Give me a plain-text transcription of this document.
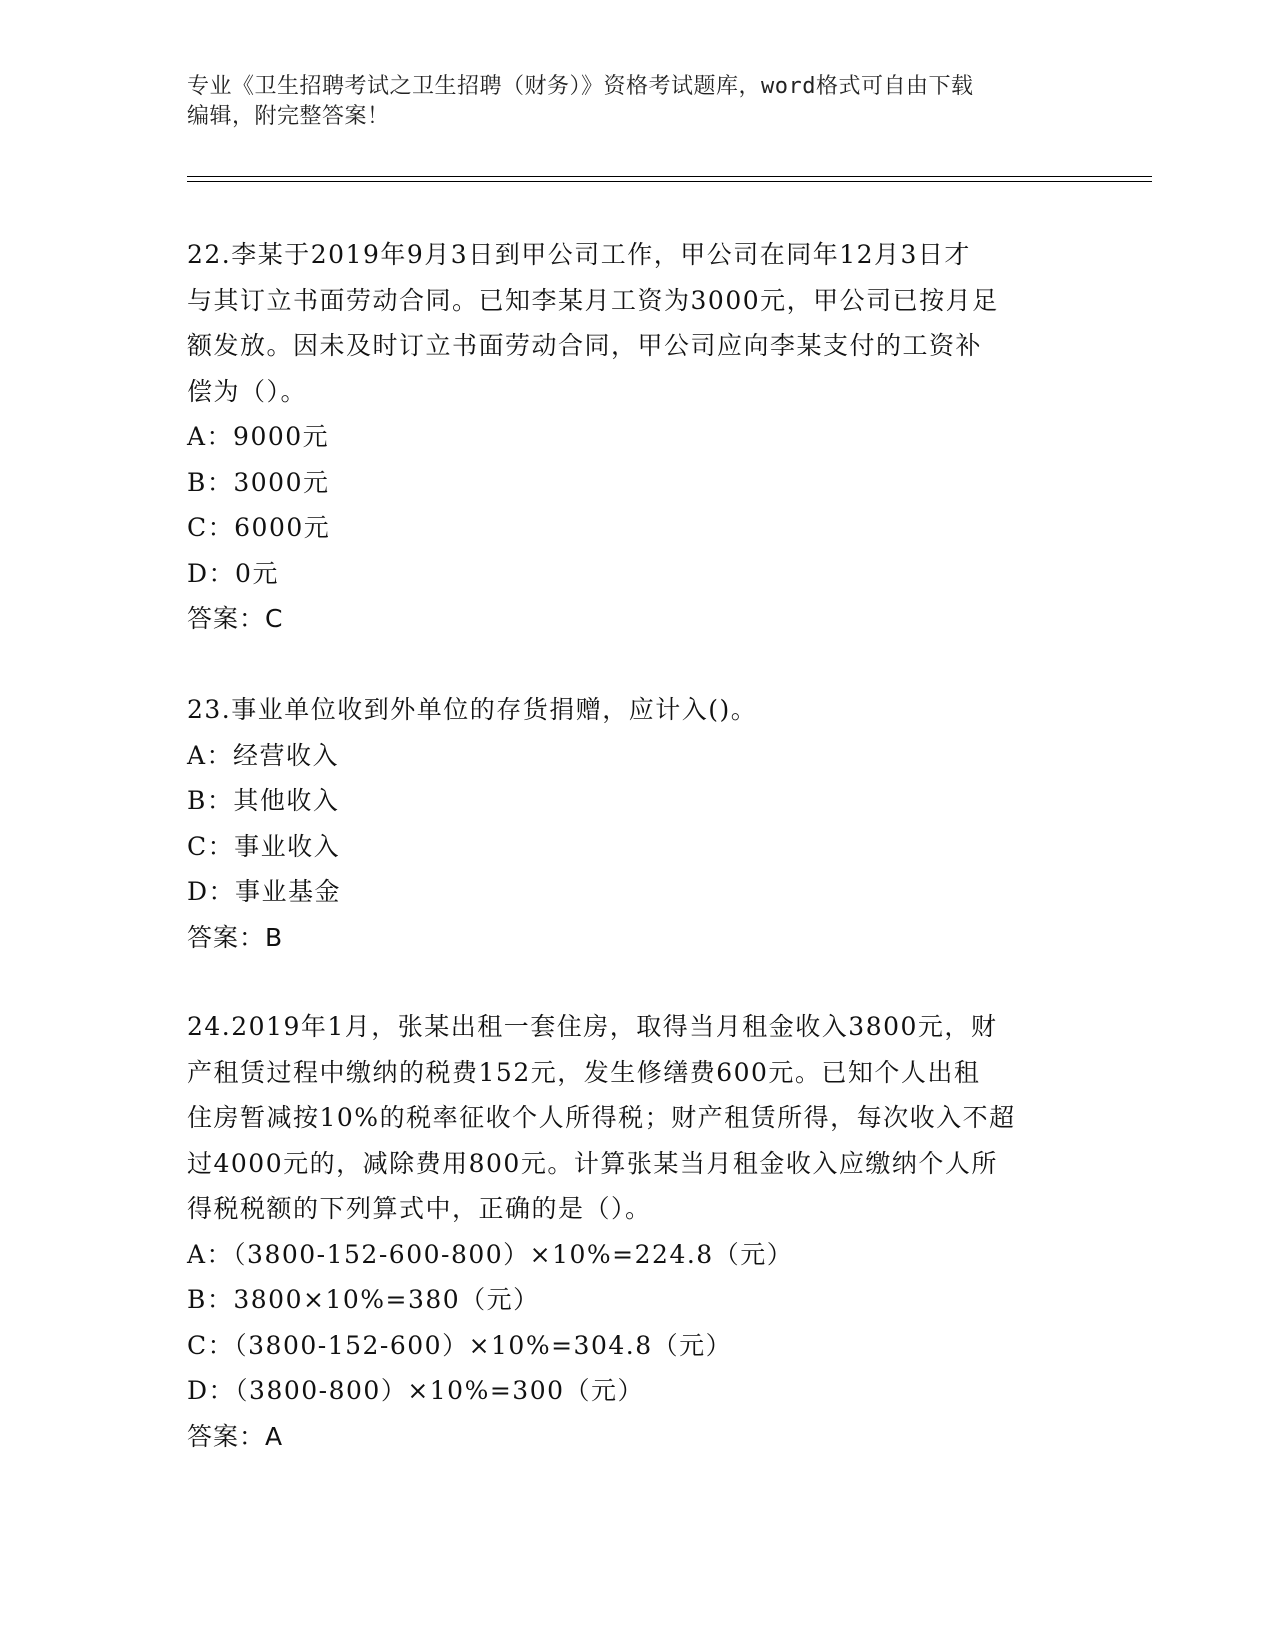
专业《卫生招聘考试之卫生招聘（财务）》资格考试题库，word格式可自由下载
编辑，附完整答案！
22.李某于2019年9月3日到甲公司工作，甲公司在同年12月3日才
与其订立书面劳动合同。已知李某月工资为3000元，甲公司已按月足
额发放。因未及时订立书面劳动合同，甲公司应向李某支付的工资补
偿为（）。
A：9000元
B：3000元
C：6000元
D：0元
答案：C
23.事业单位收到外单位的存货捐赠，应计入()。
A：经营收入
B：其他收入
C：事业收入
D：事业基金
答案：B
24.2019年1月，张某出租一套住房，取得当月租金收入3800元，财
产租赁过程中缴纳的税费152元，发生修缮费600元。已知个人出租
住房暂减按10%的税率征收个人所得税；财产租赁所得，每次收入不超
过4000元的，减除费用800元。计算张某当月租金收入应缴纳个人所
得税税额的下列算式中，正确的是（）。
A：（3800-152-600-800）×10%=224.8（元）
B：3800×10%=380（元）
C：（3800-152-600）×10%=304.8（元）
D：（3800-800）×10%=300（元）
答案：A
